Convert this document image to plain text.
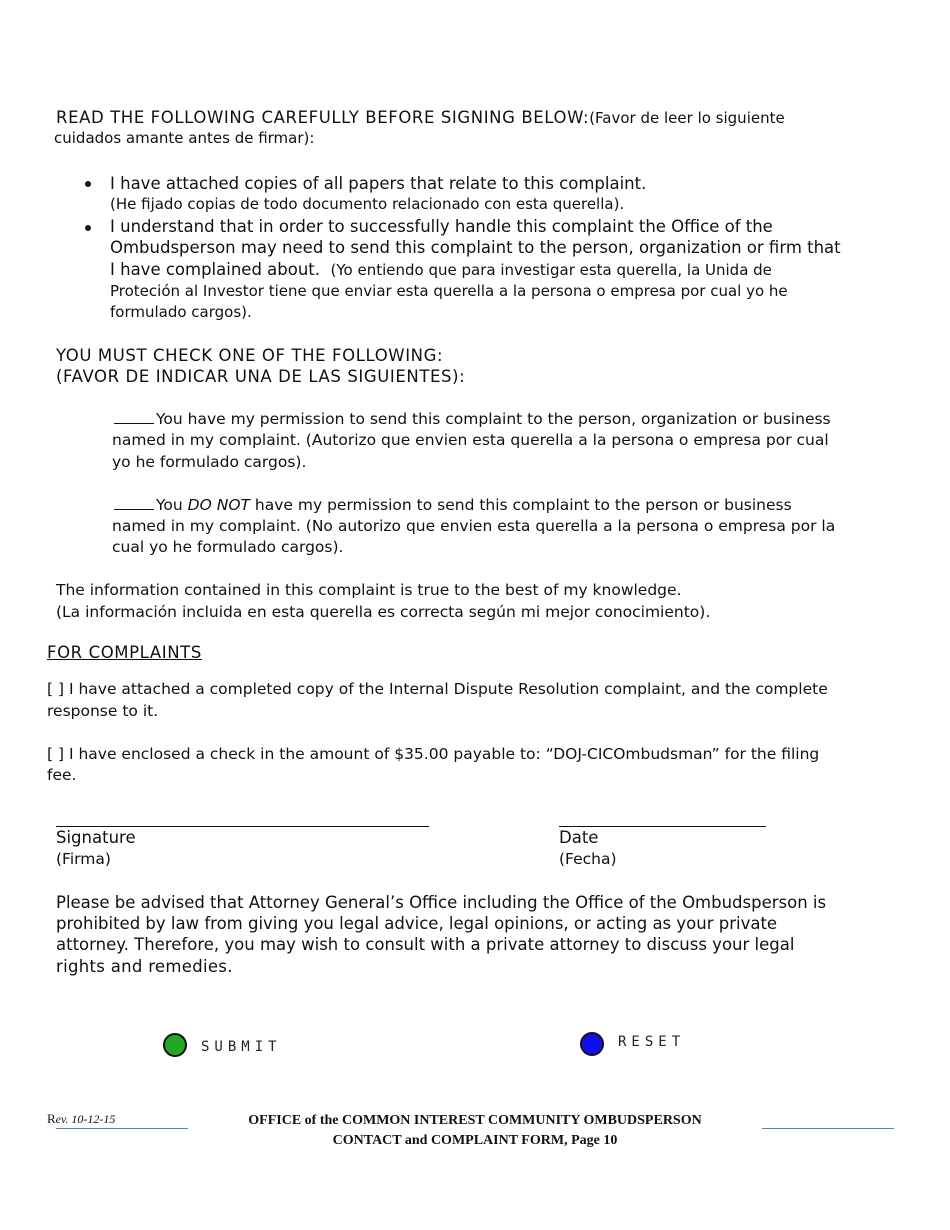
READ THE FOLLOWING CAREFULLY BEFORE SIGNING BELOW:(Favor de leer lo siguiente
cuidados amante antes de firmar):
I have attached copies of all papers that relate to this complaint.
(He fijado copias de todo documento relacionado con esta querella).
I understand that in order to successfully handle this complaint the Office of the
Ombudsperson may need to send this complaint to the person, organization or firm that
I have complained about. (Yo entiendo que para investigar esta querella, la Unida de
Proteción al Investor tiene que enviar esta querella a la persona o empresa por cual yo he
formulado cargos).
YOU MUST CHECK ONE OF THE FOLLOWING:
(FAVOR DE INDICAR UNA DE LAS SIGUIENTES):
You have my permission to send this complaint to the person, organization or business
named in my complaint. (Autorizo que envien esta querella a la persona o empresa por cual
yo he formulado cargos).
You DO NOT have my permission to send this complaint to the person or business
named in my complaint. (No autorizo que envien esta querella a la persona o empresa por la
cual yo he formulado cargos).
The information contained in this complaint is true to the best of my knowledge.
(La información incluida en esta querella es correcta según mi mejor conocimiento).
FOR COMPLAINTS
[ ] I have attached a completed copy of the Internal Dispute Resolution complaint, and the complete
response to it.
[ ] I have enclosed a check in the amount of $35.00 payable to: “DOJ-CICOmbudsman” for the filing
fee.
Signature
(Firma)
Date
(Fecha)
Please be advised that Attorney General’s Office including the Office of the Ombudsperson is
prohibited by law from giving you legal advice, legal opinions, or acting as your private
attorney. Therefore, you may wish to consult with a private attorney to discuss your legal
rights and remedies.
SUBMIT	RESET
Rev. 10-12-15	OFFICE of the COMMON INTEREST COMMUNITY OMBUDSPERSON
CONTACT and COMPLAINT FORM, Page 10
